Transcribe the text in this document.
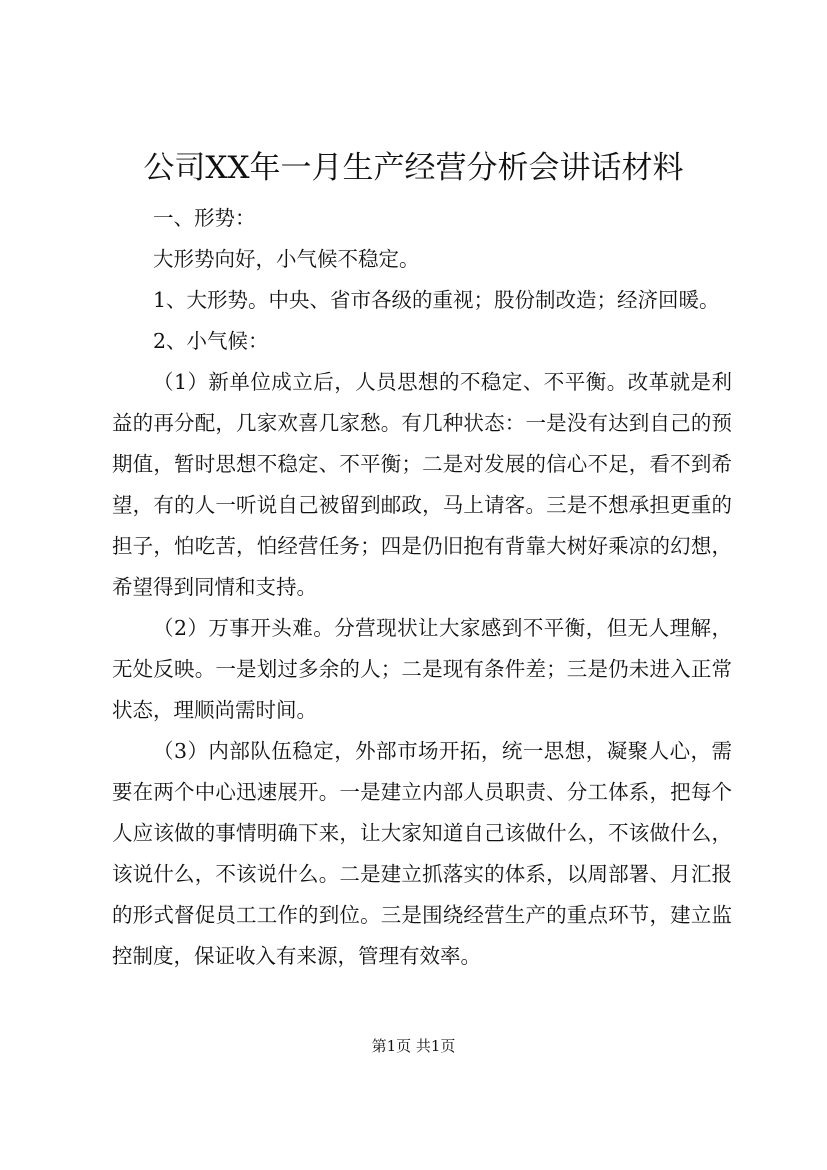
公司XX年一月生产经营分析会讲话材料

一、形势：

大形势向好，小气候不稳定。

1、大形势。中央、省市各级的重视；股份制改造；经济回暖。

2、小气候：

（1）新单位成立后，人员思想的不稳定、不平衡。改革就是利益的再分配，几家欢喜几家愁。有几种状态：一是没有达到自己的预期值，暂时思想不稳定、不平衡；二是对发展的信心不足，看不到希望，有的人一听说自己被留到邮政，马上请客。三是不想承担更重的担子，怕吃苦，怕经营任务；四是仍旧抱有背靠大树好乘凉的幻想，希望得到同情和支持。

（2）万事开头难。分营现状让大家感到不平衡，但无人理解，无处反映。一是划过多余的人；二是现有条件差；三是仍未进入正常状态，理顺尚需时间。

（3）内部队伍稳定，外部市场开拓，统一思想，凝聚人心，需要在两个中心迅速展开。一是建立内部人员职责、分工体系，把每个人应该做的事情明确下来，让大家知道自己该做什么，不该做什么，该说什么，不该说什么。二是建立抓落实的体系，以周部署、月汇报的形式督促员工工作的到位。三是围绕经营生产的重点环节，建立监控制度，保证收入有来源，管理有效率。

第1页 共1页
